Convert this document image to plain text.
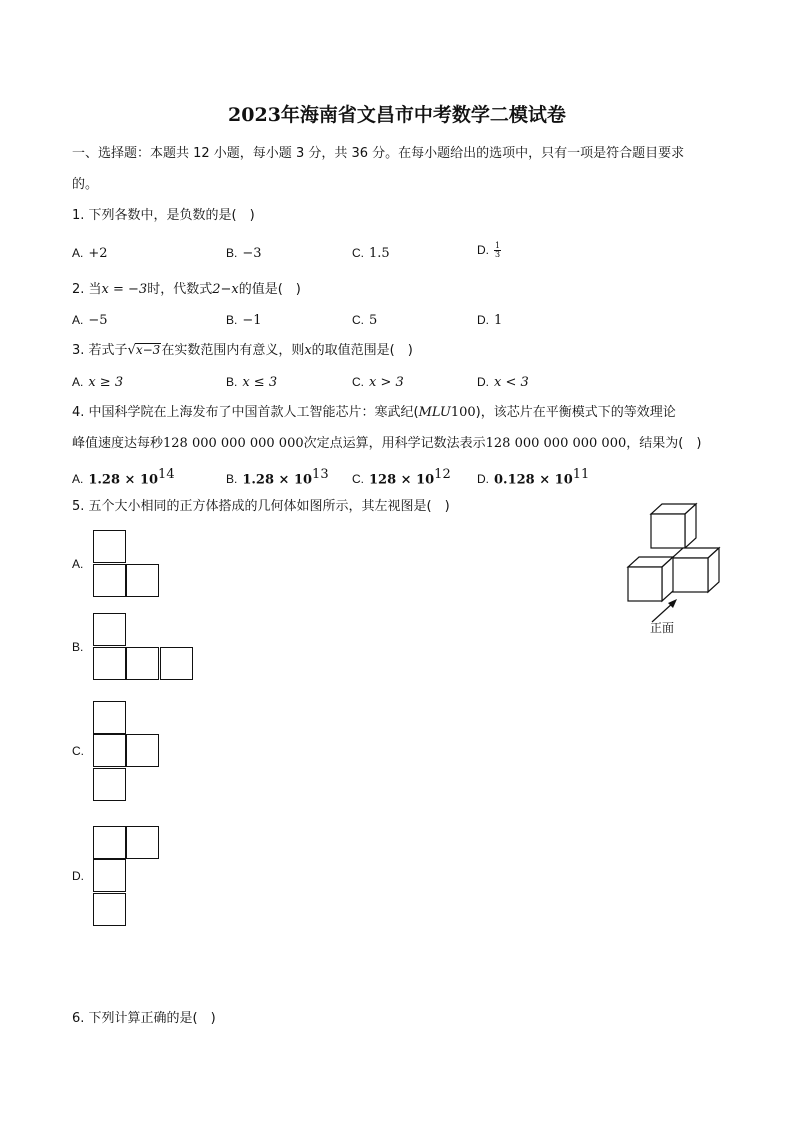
2023年海南省文昌市中考数学二模试卷
一、选择题：本题共 12 小题，每小题 3 分，共 36 分。在每小题给出的选项中，只有一项是符合题目要求
的。
1. 下列各数中，是负数的是(　)
A. +2	B. −3	C. 1.5	D. $\frac{1}{3}$
2. 当x = −3时，代数式2−x的值是(　)
A. −5	B. −1	C. 5	D. 1
3. 若式子√x−3在实数范围内有意义，则x的取值范围是(　)
A. x ≥ 3	B. x ≤ 3	C. x > 3	D. x < 3
4. 中国科学院在上海发布了中国首款人工智能芯片：寒武纪(MLU100)，该芯片在平衡模式下的等效理论
峰值速度达每秒128 000 000 000 000次定点运算，用科学记数法表示128 000 000 000 000，结果为(　)
A. $1.28 \times 10^{14}$	B. $1.28 \times 10^{13}$ C. $128 \times 10^{12}$ D. $0.128 \times 10^{11}$
5. 五个大小相同的正方体搭成的几何体如图所示，其左视图是(　)
正面
A.
B.
C.
D.
6. 下列计算正确的是(　)
